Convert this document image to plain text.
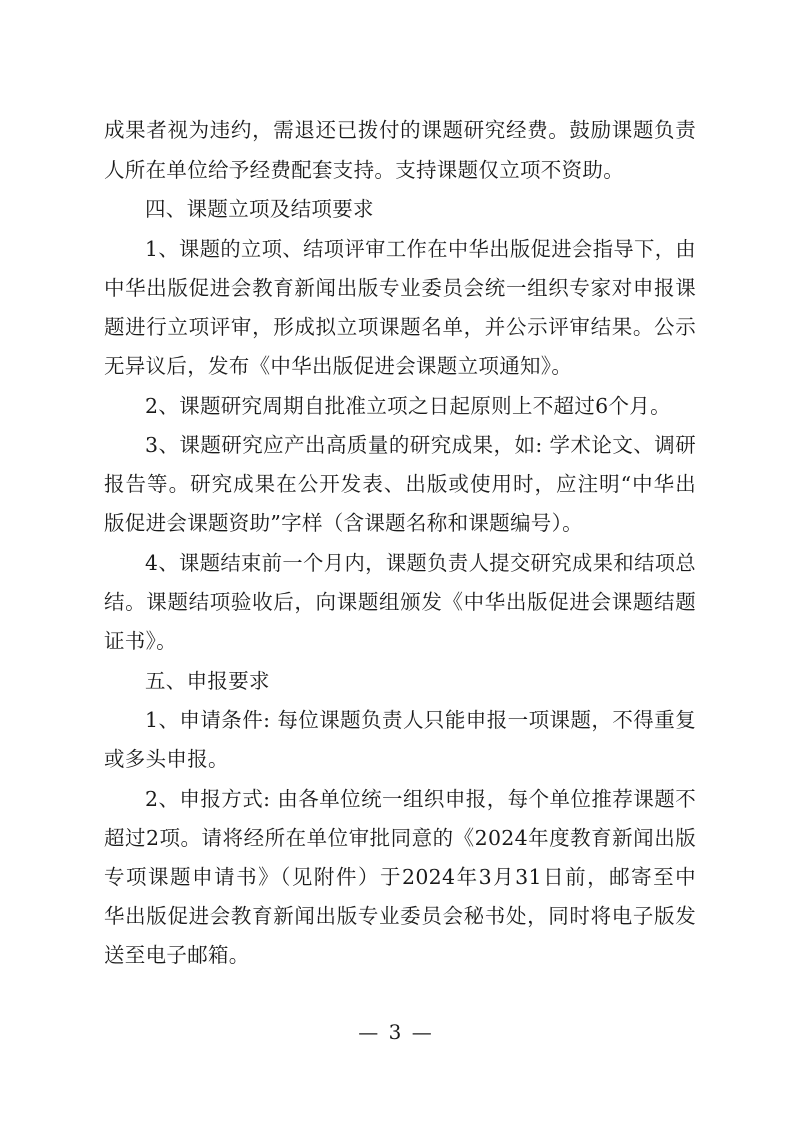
成果者视为违约，需退还已拨付的课题研究经费。鼓励课题负责
人所在单位给予经费配套支持。支持课题仅立项不资助。
四、课题立项及结项要求
1、课题的立项、结项评审工作在中华出版促进会指导下，由
中华出版促进会教育新闻出版专业委员会统一组织专家对申报课
题进行立项评审，形成拟立项课题名单，并公示评审结果。公示
无异议后，发布《中华出版促进会课题立项通知》。
2、课题研究周期自批准立项之日起原则上不超过6个月。
3、课题研究应产出高质量的研究成果，如: 学术论文、调研
报告等。研究成果在公开发表、出版或使用时，应注明“中华出
版促进会课题资助”字样（含课题名称和课题编号）。
4、课题结束前一个月内，课题负责人提交研究成果和结项总
结。课题结项验收后，向课题组颁发《中华出版促进会课题结题
证书》。
五、申报要求
1、申请条件: 每位课题负责人只能申报一项课题，不得重复
或多头申报。
2、申报方式: 由各单位统一组织申报，每个单位推荐课题不
超过2项。请将经所在单位审批同意的《2024年度教育新闻出版
专项课题申请书》（见附件）于2024年3月31日前，邮寄至中
华出版促进会教育新闻出版专业委员会秘书处，同时将电子版发
送至电子邮箱。
— 3 —
